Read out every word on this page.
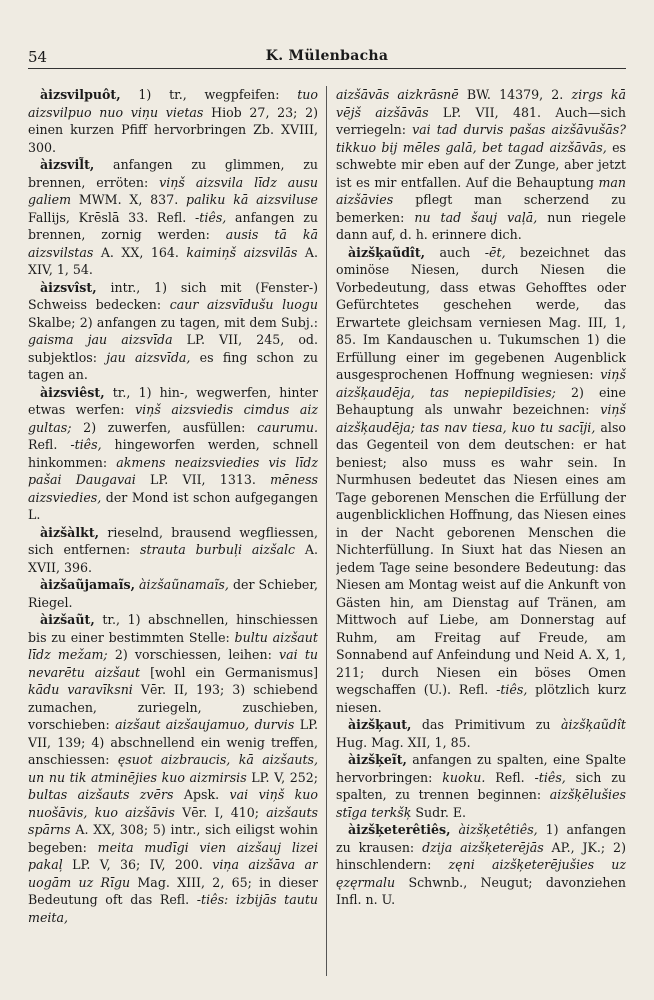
54	K. Mülenbacha

àizsvilpuôt, 1) tr., wegpfeifen: tuo aizsvilpuo nuo viņu vietas Hiob 27, 23; 2) einen kurzen Pfiff hervorbringen Zb. XVIII, 300.

àizsvil̃t, anfangen zu glimmen, zu brennen, erröten: viņš aizsvila līdz ausu galiem MWM. X, 837. paliku kā aizsviluse Fallijs, Krēslā 33. Refl. -tiês, anfangen zu brennen, zornig werden: ausis tā kā aizsvilstas A. XX, 164. kaimiņš aizsvilās A. XIV, 1, 54.

àizsvîst, intr., 1) sich mit (Fenster-) Schweiss bedecken: caur aizsvīdušu luogu Skalbe; 2) anfangen zu tagen, mit dem Subj.: gaisma jau aizsvīda LP. VII, 245, od. subjektlos: jau aizsvīda, es fing schon zu tagen an.

àizsviêst, tr., 1) hin-, wegwerfen, hinter etwas werfen: viņš aizsviedis cimdus aiz gultas; 2) zuwerfen, ausfüllen: caurumu. Refl. -tiês, hingeworfen werden, schnell hinkommen: akmens neaizsviedies vis līdz pašai Daugavai LP. VII, 1313. mēness aizsviedies, der Mond ist schon aufgegangen L.

àizšàlkt, rieselnd, brausend wegfliessen, sich entfernen: strauta burbuļi aizšalc A. XVII, 396.

àizšaũjamaĩs, àizšaũnamaĩs, der Schieber, Riegel.

àizšaũt, tr., 1) abschnellen, hinschiessen bis zu einer bestimmten Stelle: bultu aizšaut līdz mežam; 2) vorschiessen, leihen: vai tu nevarētu aizšaut [wohl ein Germanismus] kādu varavīksni Vēr. II, 193; 3) schiebend zumachen, zuriegeln, zuschieben, vorschieben: aizšaut aizšaujamuo, durvis LP. VII, 139; 4) abschnellend ein wenig treffen, anschiessen: ęsuot aizbraucis, kā aizšauts, un nu tik atminējies kuo aizmirsis LP. V, 252; bultas aizšauts zvērs Apsk. vai viņš kuo nuošāvis, kuo aizšāvis Vēr. I, 410; aizšauts spārns A. XX, 308; 5) intr., sich eiligst wohin begeben: meita mudīgi vien aizšauj lizei pakaļ LP. V, 36; IV, 200. viņa aizšāva ar uogām uz Rīgu Mag. XIII, 2, 65; in dieser Bedeutung oft das Refl. -tiês: izbijās tautu meita,

aizšāvās aizkrāsnē BW. 14379, 2. zirgs kā vējš aizšāvās LP. VII, 481. Auch—sich verriegeln: vai tad durvis pašas aizšāvušās? tikkuo bij mēles galā, bet tagad aizšāvās, es schwebte mir eben auf der Zunge, aber jetzt ist es mir entfallen. Auf die Behauptung man aizšāvies pflegt man scherzend zu bemerken: nu tad šauj vaļā, nun riegele dann auf, d. h. erinnere dich.

àizšķaũdît, auch -ēt, bezeichnet das ominöse Niesen, durch Niesen die Vorbedeutung, dass etwas Gehofftes oder Gefürchtetes geschehen werde, das Erwartete gleichsam verniesen Mag. III, 1, 85. Im Kandauschen u. Tukumschen 1) die Erfüllung einer im gegebenen Augenblick ausgesprochenen Hoffnung wegniesen: viņš aizšķaudēja, tas nepiepildīsies; 2) eine Behauptung als unwahr bezeichnen: viņš aizšķaudēja; tas nav tiesa, kuo tu sacīji, also das Gegenteil von dem deutschen: er hat beniest; also muss es wahr sein. In Nurmhusen bedeutet das Niesen eines am Tage geborenen Menschen die Erfüllung der augenblicklichen Hoffnung, das Niesen eines in der Nacht geborenen Menschen die Nichterfüllung. In Siuxt hat das Niesen an jedem Tage seine besondere Bedeutung: das Niesen am Montag weist auf die Ankunft von Gästen hin, am Dienstag auf Tränen, am Mittwoch auf Liebe, am Donnerstag auf Ruhm, am Freitag auf Freude, am Sonnabend auf Anfeindung und Neid A. X, 1, 211; durch Niesen ein böses Omen wegschaffen (U.). Refl. -tiês, plötzlich kurz niesen.

àizšķaut, das Primitivum zu àizšķaũdît Hug. Mag. XII, 1, 85.

àizšķeĩt, anfangen zu spalten, eine Spalte hervorbringen: kuoku. Refl. -tiês, sich zu spalten, zu trennen beginnen: aizšķēlušies stīga terkšķ Sudr. E.

àizšķeterêtiês, àizšķetêtiês, 1) anfangen zu krausen: dzija aizšķeterējās AP., JK.; 2) hinschlendern: zęni aizšķeterējušies uz ęzęrmalu Schwnb., Neugut; davonziehen Infl. n. U.
